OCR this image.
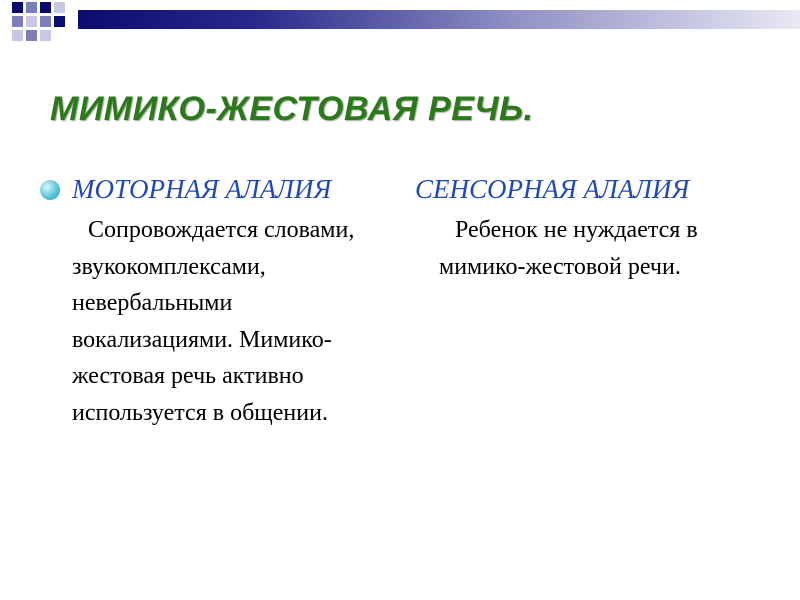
МИМИКО-ЖЕСТОВАЯ РЕЧЬ.
МОТОРНАЯ АЛАЛИЯ

Сопровождается словами, звукокомплексами, невербальными вокализациями. Мимико-жестовая речь активно используется в общении.

СЕНСОРНАЯ АЛАЛИЯ

Ребенок не нуждается в мимико-жестовой речи.
